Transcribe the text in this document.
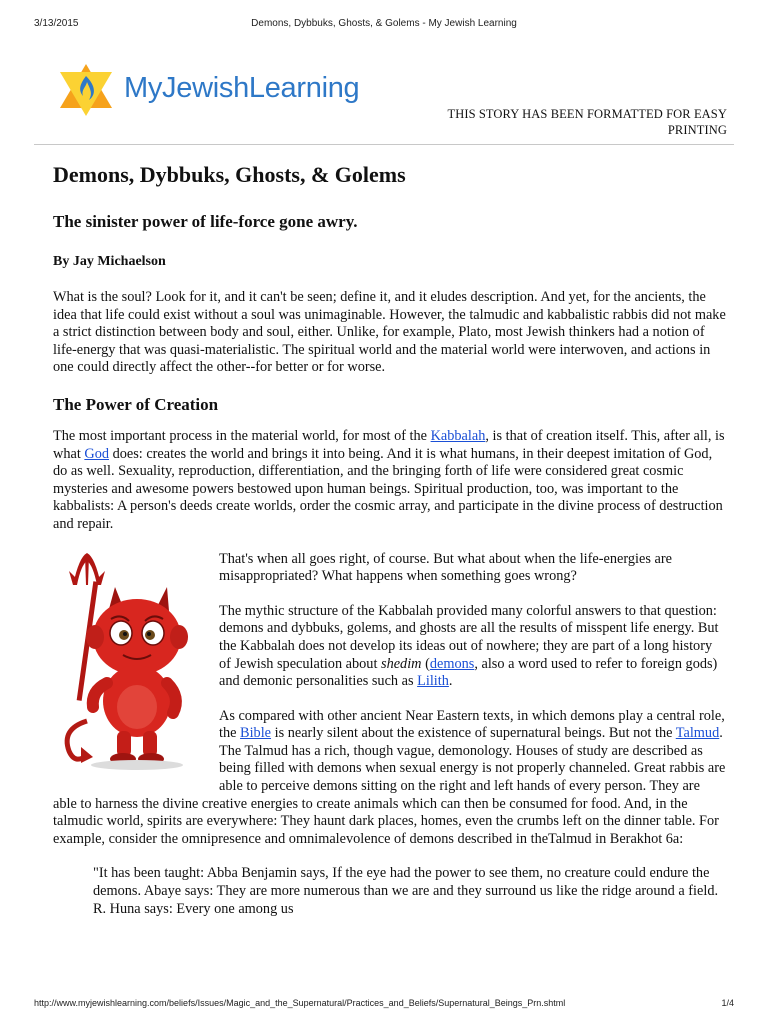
3/13/2015	Demons, Dybbuks, Ghosts, & Golems - My Jewish Learning
MyJewishLearning
THIS STORY HAS BEEN FORMATTED FOR EASY PRINTING
Demons, Dybbuks, Ghosts, & Golems
The sinister power of life-force gone awry.
By Jay Michaelson

What is the soul? Look for it, and it can't be seen; define it, and it eludes description. And yet, for the ancients, the idea that life could exist without a soul was unimaginable. However, the talmudic and kabbalistic rabbis did not make a strict distinction between body and soul, either. Unlike, for example, Plato, most Jewish thinkers had a notion of life-energy that was quasi-materialistic. The spiritual world and the material world were interwoven, and actions in one could directly affect the other--for better or for worse.

The Power of Creation

The most important process in the material world, for most of the Kabbalah, is that of creation itself. This, after all, is what God does: creates the world and brings it into being. And it is what humans, in their deepest imitation of God, do as well. Sexuality, reproduction, differentiation, and the bringing forth of life were considered great cosmic mysteries and awesome powers bestowed upon human beings. Spiritual production, too, was important to the kabbalists: A person's deeds create worlds, order the cosmic array, and participate in the divine process of destruction and repair.

That's when all goes right, of course. But what about when the life-energies are misappropriated? What happens when something goes wrong?

The mythic structure of the Kabbalah provided many colorful answers to that question: demons and dybbuks, golems, and ghosts are all the results of misspent life energy. But the Kabbalah does not develop its ideas out of nowhere; they are part of a long history of Jewish speculation about shedim (demons, also a word used to refer to foreign gods) and demonic personalities such as Lilith.

As compared with other ancient Near Eastern texts, in which demons play a central role, the Bible is nearly silent about the existence of supernatural beings. But not the Talmud. The Talmud has a rich, though vague, demonology. Houses of study are described as being filled with demons when sexual energy is not properly channeled. Great rabbis are able to perceive demons sitting on the right and left hands of every person. They are able to harness the divine creative energies to create animals which can then be consumed for food. And, in the talmudic world, spirits are everywhere: They haunt dark places, homes, even the crumbs left on the dinner table. For example, consider the omnipresence and omnimalevolence of demons described in theTalmud in Berakhot 6a:

"It has been taught: Abba Benjamin says, If the eye had the power to see them, no creature could endure the demons. Abaye says: They are more numerous than we are and they surround us like the ridge around a field. R. Huna says: Every one among us

http://www.myjewishlearning.com/beliefs/Issues/Magic_and_the_Supernatural/Practices_and_Beliefs/Supernatural_Beings_Prn.shtml	1/4
